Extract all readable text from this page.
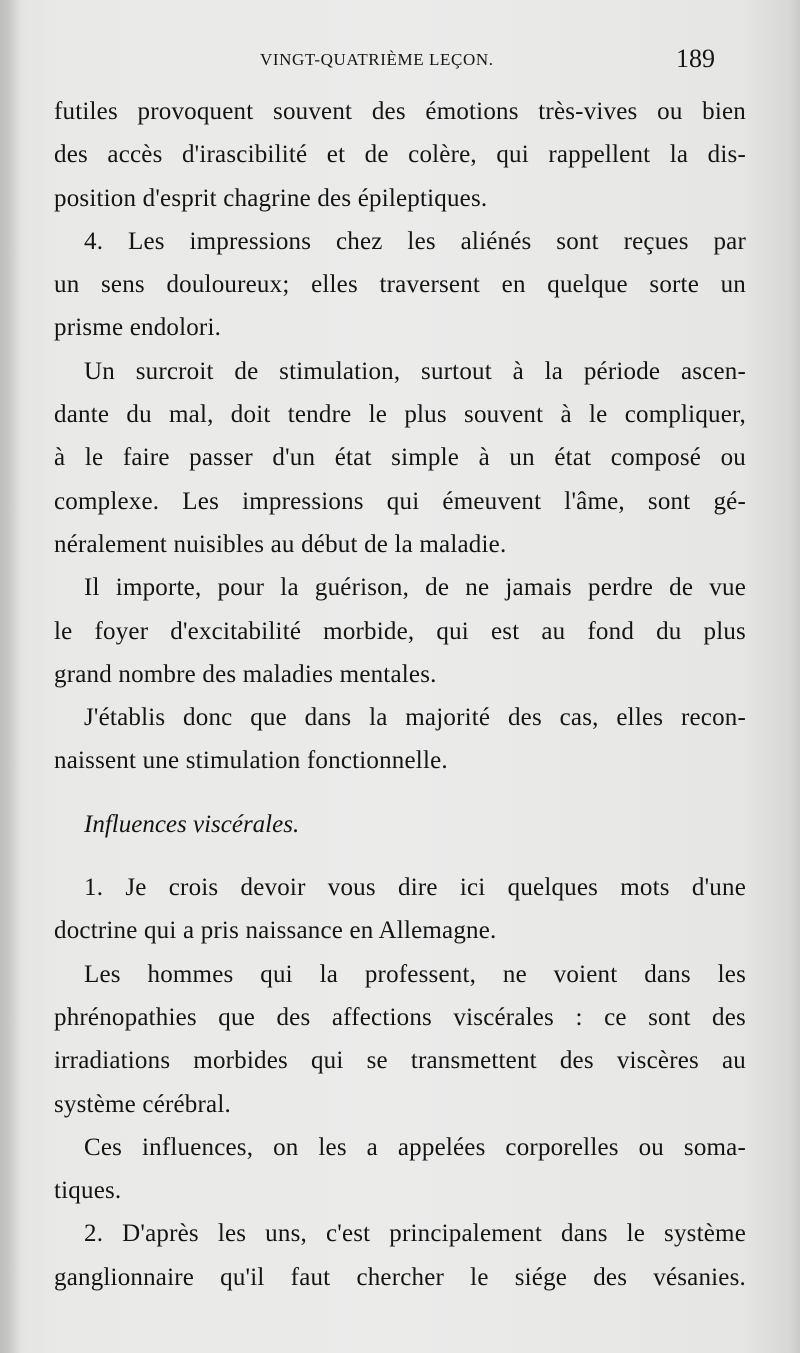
VINGT-QUATRIÈME LEÇON.	189
futiles provoquent souvent des émotions très-vives ou bien
des accès d'irascibilité et de colère, qui rappellent la dis-
position d'esprit chagrine des épileptiques.
4. Les impressions chez les aliénés sont reçues par
un sens douloureux; elles traversent en quelque sorte un
prisme endolori.
Un surcroit de stimulation, surtout à la période ascen-
dante du mal, doit tendre le plus souvent à le compliquer,
à le faire passer d'un état simple à un état composé ou
complexe. Les impressions qui émeuvent l'âme, sont gé-
néralement nuisibles au début de la maladie.
Il importe, pour la guérison, de ne jamais perdre de vue
le foyer d'excitabilité morbide, qui est au fond du plus
grand nombre des maladies mentales.
J'établis donc que dans la majorité des cas, elles recon-
naissent une stimulation fonctionnelle.
Influences viscérales.
1. Je crois devoir vous dire ici quelques mots d'une
doctrine qui a pris naissance en Allemagne.
Les hommes qui la professent, ne voient dans les
phrénopathies que des affections viscérales : ce sont des
irradiations morbides qui se transmettent des viscères au
système cérébral.
Ces influences, on les a appelées corporelles ou soma-
tiques.
2. D'après les uns, c'est principalement dans le système
ganglionnaire qu'il faut chercher le siége des vésanies.
